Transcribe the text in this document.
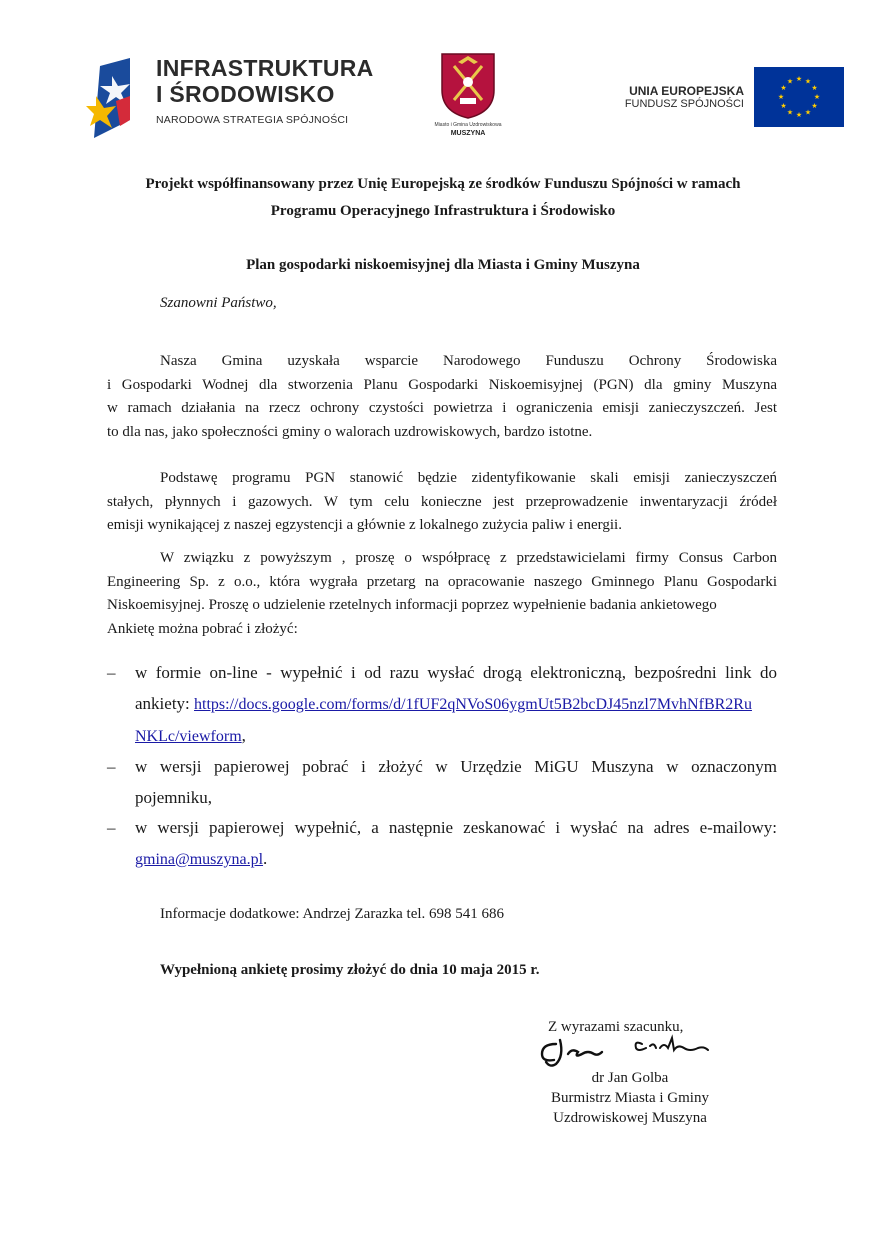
INFRASTRUKTURA
I ŚRODOWISKO
NARODOWA STRATEGIA SPÓJNOŚCI	Miasto i Gmina Uzdrowiskowa
MUSZYNA
UNIA EUROPEJSKA
FUNDUSZ SPÓJNOŚCI
★ ★
★
★
★
★
★
★
★
★
★
★
Projekt współfinansowany przez Unię Europejską ze środków Funduszu Spójności w ramach
Programu Operacyjnego Infrastruktura i Środowisko
Plan gospodarki niskoemisyjnej dla Miasta i Gminy Muszyna
Szanowni Państwo,
Nasza Gmina uzyskała wsparcie Narodowego Funduszu Ochrony Środowiska
i Gospodarki Wodnej dla stworzenia Planu Gospodarki Niskoemisyjnej (PGN) dla gminy Muszyna
w ramach działania na rzecz ochrony czystości powietrza i ograniczenia emisji zanieczyszczeń. Jest
to dla nas, jako społeczności gminy o walorach uzdrowiskowych, bardzo istotne.
Podstawę programu PGN stanowić będzie zidentyfikowanie skali emisji zanieczyszczeń
stałych, płynnych i gazowych. W tym celu konieczne jest przeprowadzenie inwentaryzacji źródeł
emisji wynikającej z naszej egzystencji a głównie z lokalnego zużycia paliw i energii.
W związku z powyższym , proszę o współpracę z przedstawicielami firmy Consus Carbon
Engineering Sp. z o.o., która wygrała przetarg na opracowanie naszego Gminnego Planu Gospodarki
Niskoemisyjnej. Proszę o udzielenie rzetelnych informacji poprzez wypełnienie badania ankietowego
Ankietę można pobrać i złożyć:
– w formie on-line - wypełnić i od razu wysłać drogą elektroniczną, bezpośredni link do
ankiety: https://docs.google.com/forms/d/1fUF2qNVoS06ygmUt5B2bcDJ45nzl7MvhNfBR2Ru
NKLc/viewform,
– w wersji papierowej pobrać i złożyć w Urzędzie MiGU Muszyna w oznaczonym
pojemniku,
– w wersji papierowej wypełnić, a następnie zeskanować i wysłać na adres e-mailowy:
gmina@muszyna.pl.
Informacje dodatkowe: Andrzej Zarazka tel. 698 541 686
Wypełnioną ankietę prosimy złożyć do dnia 10 maja 2015 r.
Z wyrazami szacunku,
dr Jan Golba
Burmistrz Miasta i Gminy
Uzdrowiskowej Muszyna
